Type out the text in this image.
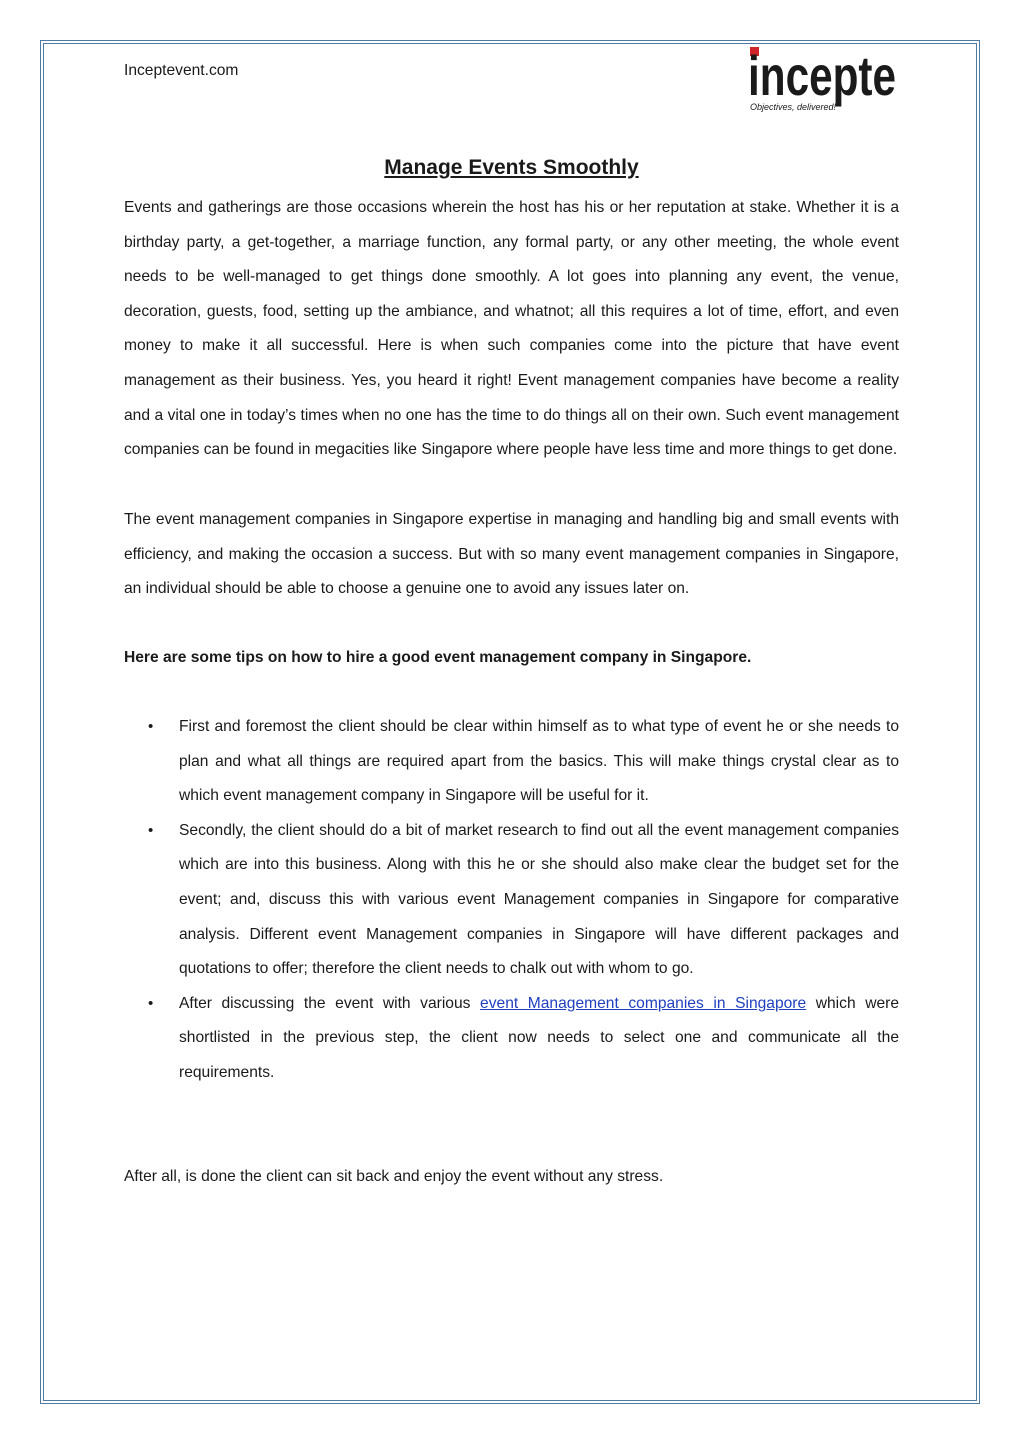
Inceptevent.com	incepte
Objectives, delivered!
Manage Events Smoothly

Events and gatherings are those occasions wherein the host has his or her reputation at stake. Whether it is a birthday party, a get-together, a marriage function, any formal party, or any other meeting, the whole event needs to be well-managed to get things done smoothly. A lot goes into planning any event, the venue, decoration, guests, food, setting up the ambiance, and whatnot; all this requires a lot of time, effort, and even money to make it all successful. Here is when such companies come into the picture that have event management as their business. Yes, you heard it right! Event management companies have become a reality and a vital one in today’s times when no one has the time to do things all on their own. Such event management companies can be found in megacities like Singapore where people have less time and more things to get done.

The event management companies in Singapore expertise in managing and handling big and small events with efficiency, and making the occasion a success. But with so many event management companies in Singapore, an individual should be able to choose a genuine one to avoid any issues later on.

Here are some tips on how to hire a good event management company in Singapore.

• First and foremost the client should be clear within himself as to what type of event he or she needs to plan and what all things are required apart from the basics. This will make things crystal clear as to which event management company in Singapore will be useful for it.
• Secondly, the client should do a bit of market research to find out all the event management companies which are into this business. Along with this he or she should also make clear the budget set for the event; and, discuss this with various event Management companies in Singapore for comparative analysis. Different event Management companies in Singapore will have different packages and quotations to offer; therefore the client needs to chalk out with whom to go.
• After discussing the event with various event Management companies in Singapore which were shortlisted in the previous step, the client now needs to select one and communicate all the requirements.

After all, is done the client can sit back and enjoy the event without any stress.
